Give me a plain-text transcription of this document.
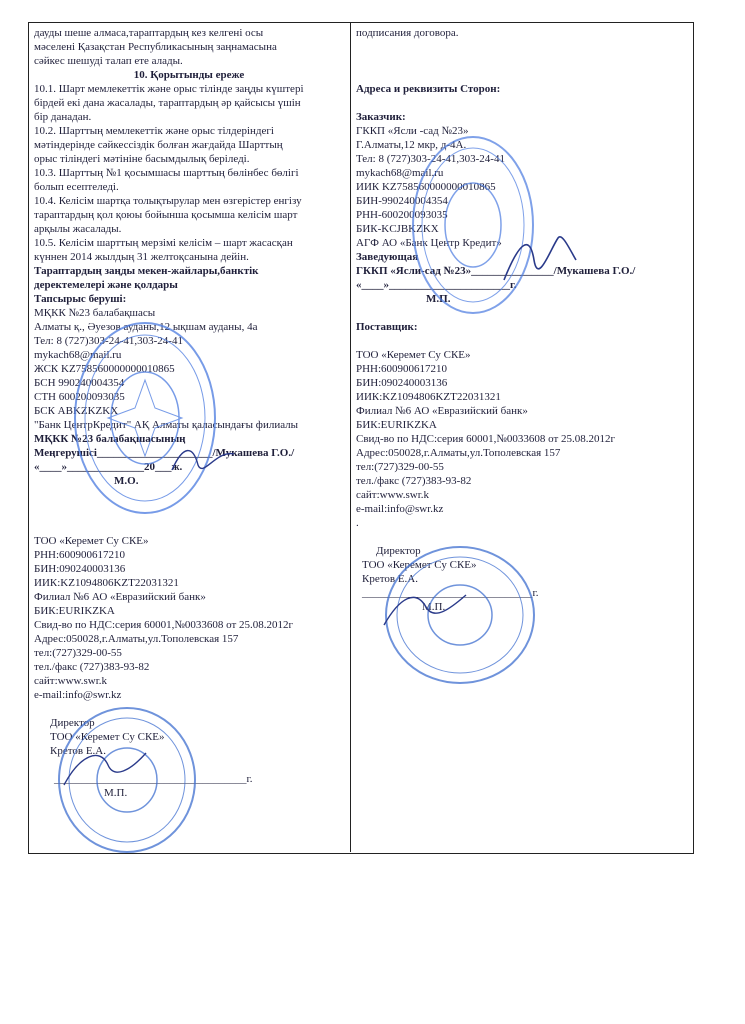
дауды шеше алмаса,тараптардың кез келгені осы
мәселені Қазақстан Республикасының заңнамасына
сәйкес шешуді талап ете алады.
10. Қорытынды ереже
10.1. Шарт мемлекеттік және орыс тілінде заңды күштері
бірдей екі дана жасалады, тараптардың әр қайсысы үшін
бір данадан.
10.2. Шарттың мемлекеттік және орыс тілдеріндегі
мәтіндерінде сәйкессіздік болған жағдайда Шарттың
орыс тіліндегі мәтініне басымдылық беріледі.
10.3. Шарттың №1 қосымшасы шарттың бөлінбес бөлігі
болып есептеледі.
10.4. Келісім шартқа толықтырулар мен өзгерістер енгізу
тараптардың қол қоюы бойынша қосымша келісім шарт
арқылы жасалады.
10.5. Келісім шарттың мерзімі келісім – шарт жасасқан
күннен 2014 жылдың 31 желтоқсанына дейін.
Тараптардың заңды мекен-жайлары,банктік
деректемелері және қолдары
Тапсырыс беруші:
МҚКК №23 балабақшасы
Алматы қ., Әуезов ауданы,12 ықшам ауданы, 4а
Тел: 8 (727)303-24-41,303-24-41
mykach68@mail.ru
ЖСК KZ758560000000010865
БСН 990240004354
СТН 600200093035
БСК ABKZKZKX
"Банк ЦентрКредит" АҚ Алматы қаласындағы филиалы
МҚКК №23 балабақшасының
Меңгерушісі_____________________/Мукашева Г.О./
«____»______________20___ж.
М.О.
ТОО «Керемет Су СКЕ»
РНН:600900617210
БИН:090240003136
ИИК:KZ1094806KZT22031321
Филиал №6 АО «Евразийский банк»
БИК:EURIKZKA
Свид-во по НДС:серия 60001,№0033608 от 25.08.2012г
Адрес:050028,г.Алматы,ул.Тополевская 157
тел:(727)329-00-55
тел./факс (727)383-93-82
сайт:www.swr.k
e-mail:info@swr.kz
Директор
ТОО «Керемет Су СКЕ»
Кретов Е.А.
___________________________________г.
М.П.
подписания договора.
Адреса и реквизиты Сторон:
Заказчик:
ГККП «Ясли -сад №23»
Г.Алматы,12 мкр, д-4А.
Тел: 8 (727)303-24-41,303-24-41
mykach68@mail.ru
ИИК KZ758560000000010865
БИН-990240004354
РНН-600200093035
БИК-KCJBKZKX
АГФ АО «Банк Центр Кредит»
Заведующая
ГККП «Ясли-сад №23»_______________/Мукашева Г.О./
«____»______________________г.
М.П.
Поставщик:
ТОО «Керемет Су СКЕ»
РНН:600900617210
БИН:090240003136
ИИК:KZ1094806KZT22031321
Филиал №6 АО «Евразийский банк»
БИК:EURIKZKA
Свид-во по НДС:серия 60001,№0033608 от 25.08.2012г
Адрес:050028,г.Алматы,ул.Тополевская 157
тел:(727)329-00-55
тел./факс (727)383-93-82
сайт:www.swr.k
e-mail:info@swr.kz
.
Директор
ТОО «Керемет Су СКЕ»
Кретов Е.А.
_______________________________г.
М.П.
